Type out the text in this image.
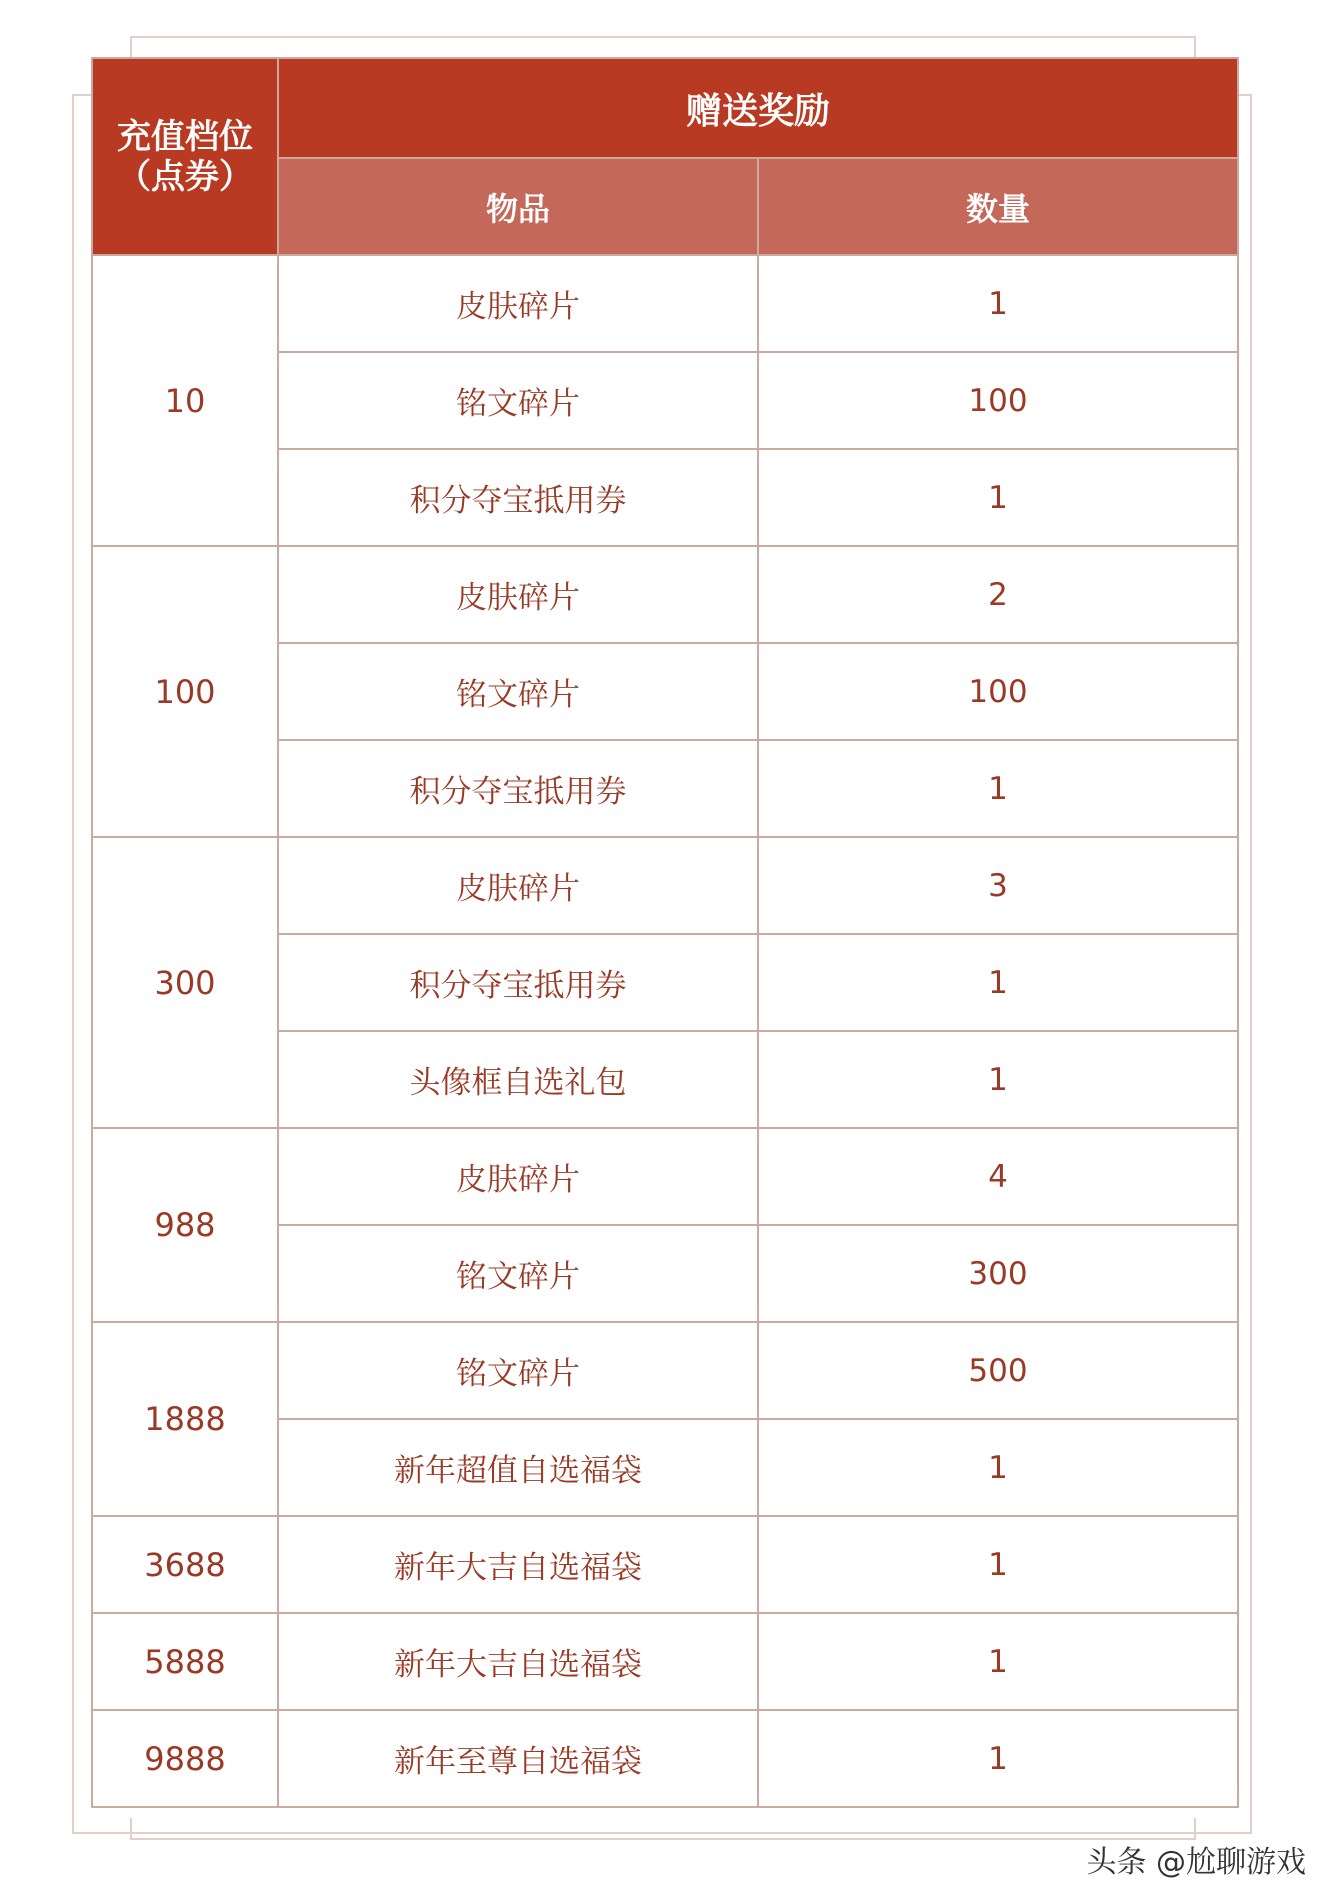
充值档位
（点券）	赠送奖励	
	物品	数量
10	皮肤碎片	1
	铭文碎片	100
	积分夺宝抵用券	1
100	皮肤碎片	2
	铭文碎片	100
	积分夺宝抵用券	1
300	皮肤碎片	3
	积分夺宝抵用券	1
	头像框自选礼包	1
988	皮肤碎片	4
	铭文碎片	300
1888	铭文碎片	500
	新年超值自选福袋	1
3688	新年大吉自选福袋	1
5888	新年大吉自选福袋	1
9888	新年至尊自选福袋	1
头条 @尬聊游戏
